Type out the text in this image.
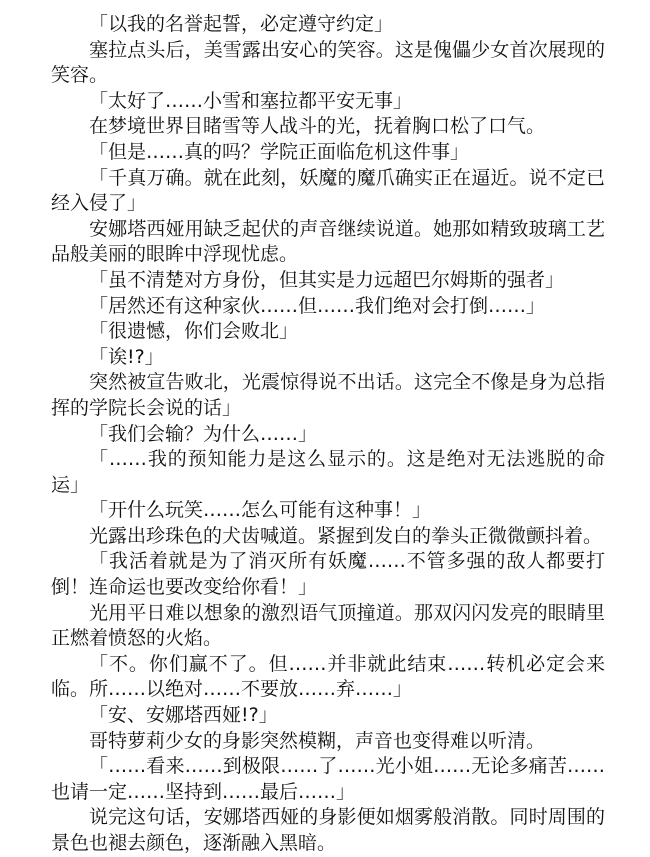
「以我的名誉起誓，必定遵守约定」

塞拉点头后，美雪露出安心的笑容。这是傀儡少女首次展现的笑容。

「太好了……小雪和塞拉都平安无事」

在梦境世界目睹雪等人战斗的光，抚着胸口松了口气。

「但是……真的吗？学院正面临危机这件事」

「千真万确。就在此刻，妖魔的魔爪确实正在逼近。说不定已经入侵了」

安娜塔西娅用缺乏起伏的声音继续说道。她那如精致玻璃工艺品般美丽的眼眸中浮现忧虑。

「虽不清楚对方身份，但其实是力远超巴尔姆斯的强者」

「居然还有这种家伙……但……我们绝对会打倒……」

「很遗憾，你们会败北」

「诶!?」

突然被宣告败北，光震惊得说不出话。这完全不像是身为总指挥的学院长会说的话」

「我们会输？为什么……」

「……我的预知能力是这么显示的。这是绝对无法逃脱的命运」

「开什么玩笑……怎么可能有这种事！」

光露出珍珠色的犬齿喊道。紧握到发白的拳头正微微颤抖着。

「我活着就是为了消灭所有妖魔……不管多强的敌人都要打倒！连命运也要改变给你看！」

光用平日难以想象的激烈语气顶撞道。那双闪闪发亮的眼睛里正燃着愤怒的火焰。

「不。你们赢不了。但……并非就此结束……转机必定会来临。所……以绝对……不要放……弃……」

「安、安娜塔西娅!?」

哥特萝莉少女的身影突然模糊，声音也变得难以听清。

「……看来……到极限……了……光小姐……无论多痛苦……也请一定……坚持到……最后……」

说完这句话，安娜塔西娅的身影便如烟雾般消散。同时周围的景色也褪去颜色，逐渐融入黑暗。
